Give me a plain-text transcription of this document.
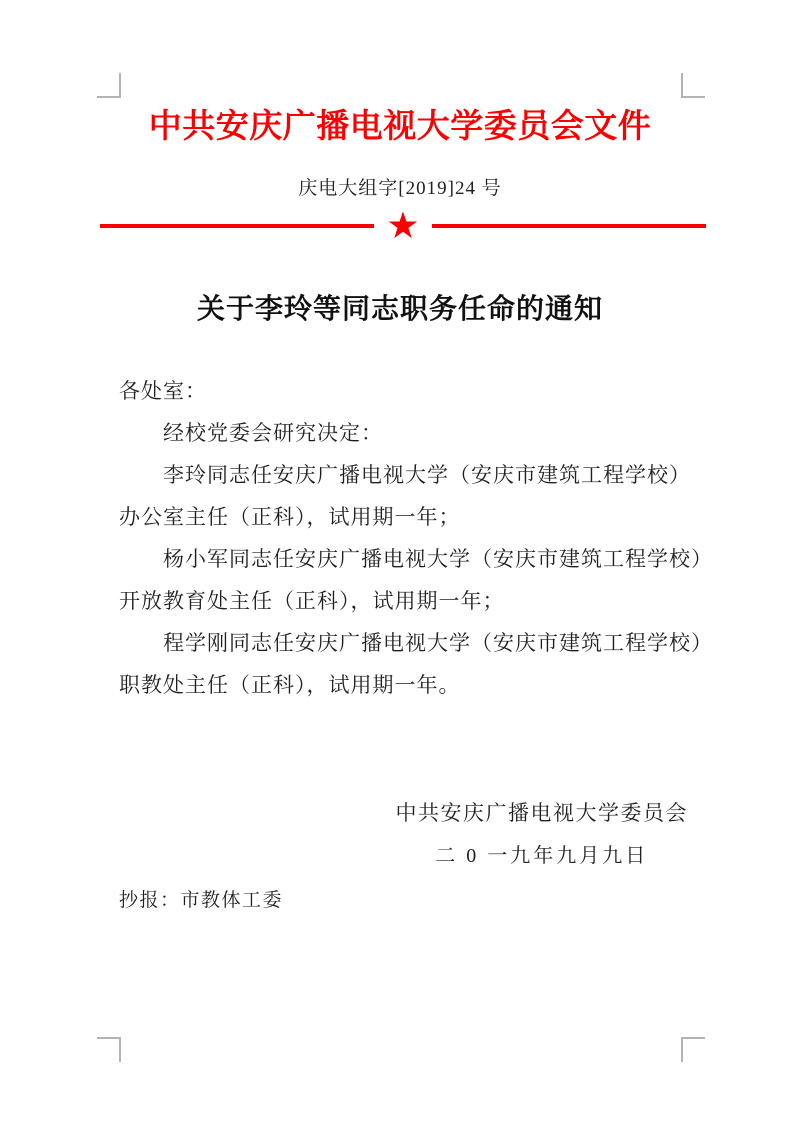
中共安庆广播电视大学委员会文件
庆电大组字[2019]24 号
★
关于李玲等同志职务任命的通知

各处室：

经校党委会研究决定：

李玲同志任安庆广播电视大学（安庆市建筑工程学校）

办公室主任（正科），试用期一年；

杨小军同志任安庆广播电视大学（安庆市建筑工程学校）

开放教育处主任（正科），试用期一年；

程学刚同志任安庆广播电视大学（安庆市建筑工程学校）

职教处主任（正科），试用期一年。

中共安庆广播电视大学委员会
二 0 一九年九月九日
抄报：市教体工委
